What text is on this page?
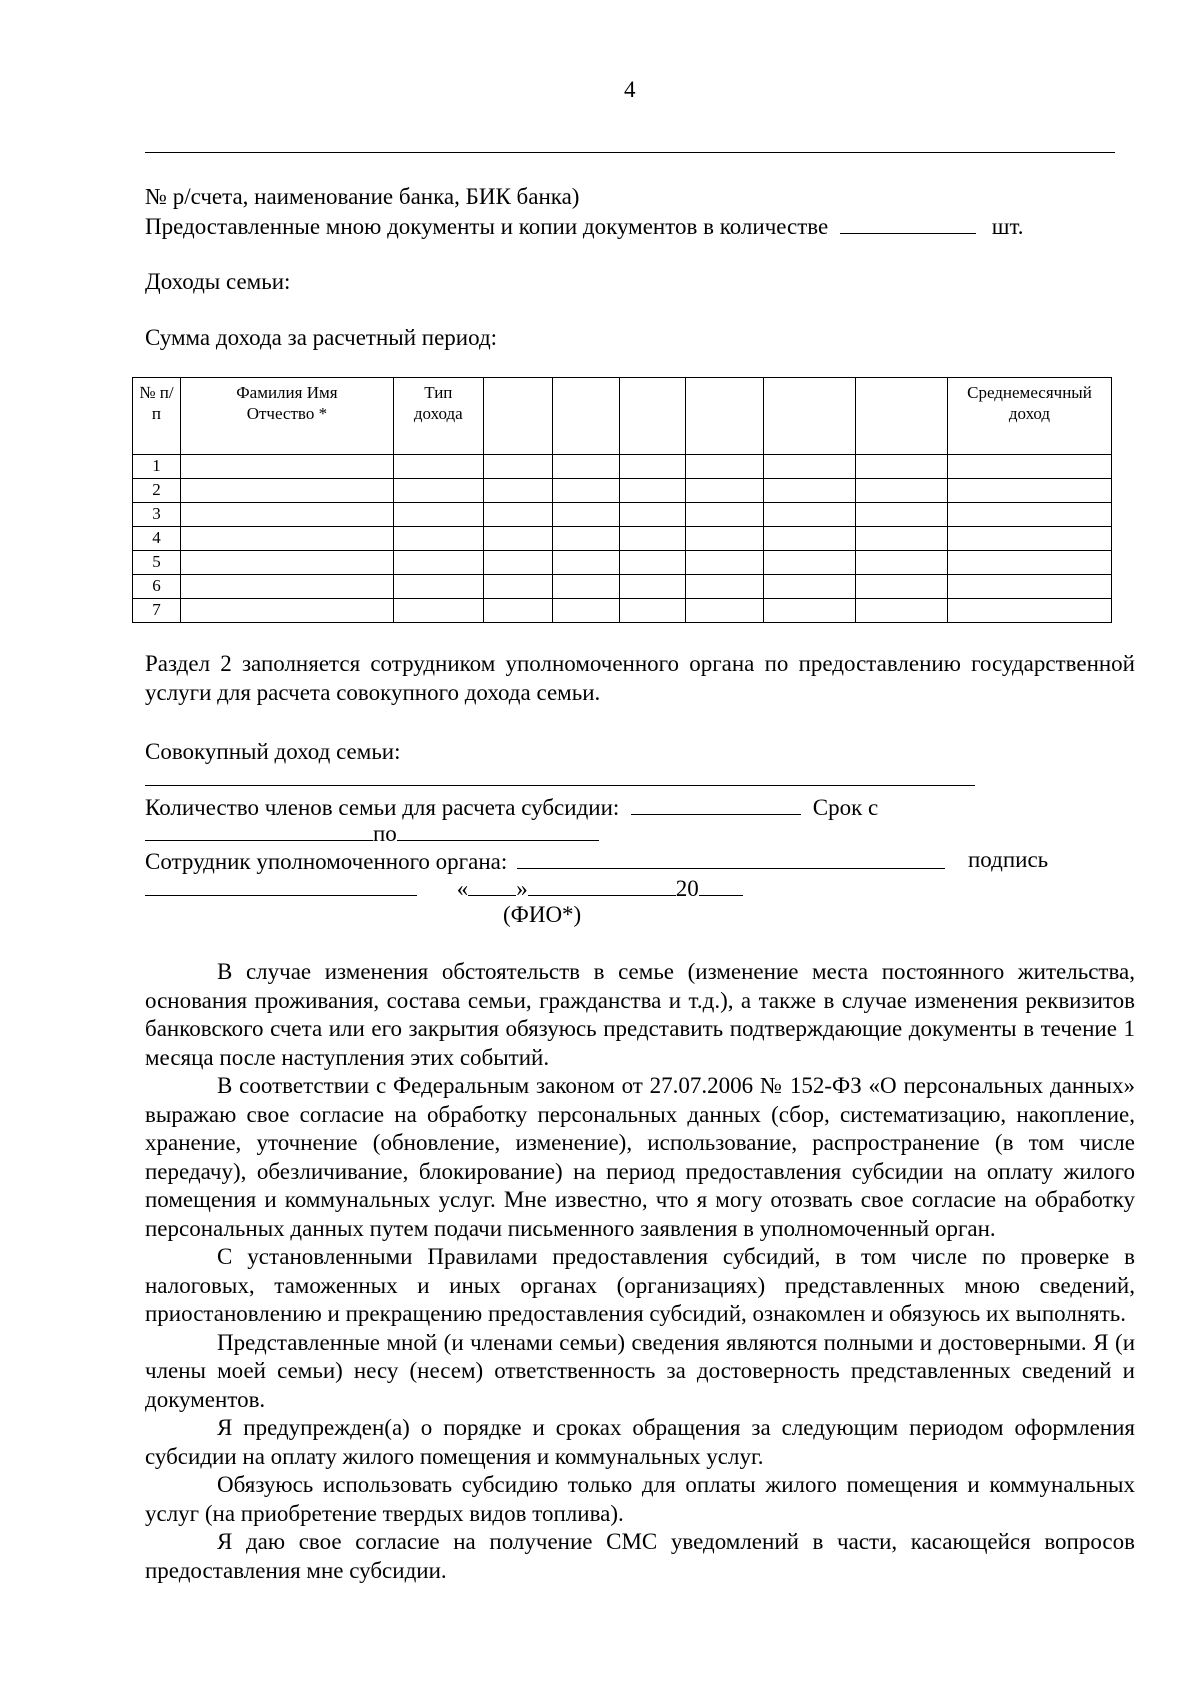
4
№ р/счета, наименование банка, БИК банка)
Предоставленные мною документы и копии документов в количестве	шт.
Доходы семьи:
Сумма дохода за расчетный период:
№ п/ п	Фамилия Имя Отчество *	Тип дохода							Среднемесячный доход
1									
2									
3									
4									
5									
6									
7									

Раздел 2 заполняется сотрудником уполномоченного органа по предоставлению государственной услуги для расчета совокупного дохода семьи.

Совокупный доход семьи:
Количество членов семьи для расчета субсидии:	Срок с
по
Сотрудник уполномоченного органа:	подпись
« »	20
(ФИО*)

В случае изменения обстоятельств в семье (изменение места постоянного жительства, основания проживания, состава семьи, гражданства и т.д.), а также в случае изменения реквизитов банковского счета или его закрытия обязуюсь представить подтверждающие документы в течение 1 месяца после наступления этих событий.

В соответствии с Федеральным законом от 27.07.2006 № 152-ФЗ «О персональных данных» выражаю свое согласие на обработку персональных данных (сбор, систематизацию, накопление, хранение, уточнение (обновление, изменение), использование, распространение (в том числе передачу), обезличивание, блокирование) на период предоставления субсидии на оплату жилого помещения и коммунальных услуг. Мне известно, что я могу отозвать свое согласие на обработку персональных данных путем подачи письменного заявления в уполномоченный орган.

С установленными Правилами предоставления субсидий, в том числе по проверке в налоговых, таможенных и иных органах (организациях) представленных мною сведений, приостановлению и прекращению предоставления субсидий, ознакомлен и обязуюсь их выполнять.

Представленные мной (и членами семьи) сведения являются полными и достоверными. Я (и члены моей семьи) несу (несем) ответственность за достоверность представленных сведений и документов.

Я предупрежден(а) о порядке и сроках обращения за следующим периодом оформления субсидии на оплату жилого помещения и коммунальных услуг.

Обязуюсь использовать субсидию только для оплаты жилого помещения и коммунальных услуг (на приобретение твердых видов топлива).

Я даю свое согласие на получение СМС уведомлений в части, касающейся вопросов предоставления мне субсидии.
